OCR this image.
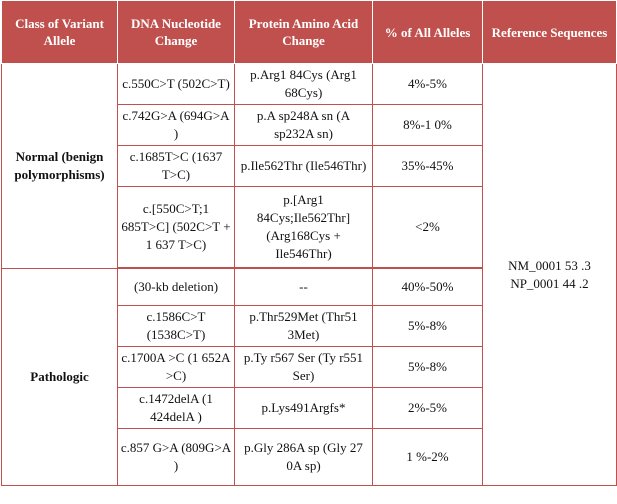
Class of Variant Allele	DNA Nucleotide Change	Protein Amino Acid Change	% of All Alleles	Reference Sequences
Normal (benign polymorphisms)	c.550C>T (502C>T)	p.Arg1 84Cys (Arg1 68Cys)	4%-5%	NM_0001 53 .3 NP_0001 44 .2
	c.742G>A (694G>A )	p.A sp248A sn (A sp232A sn)	8%-1 0%	
	c.1685T>C (1637 T>C)	p.Ile562Thr (Ile546Thr)	35%-45%	
	c.[550C>T;1 685T>C] (502C>T + 1 637 T>C)	p.[Arg1 84Cys;Ile562Thr] (Arg168Cys + Ile546Thr)	<2%	
Pathologic	(30-kb deletion)	--	40%-50%	
	c.1586C>T (1538C>T)	p.Thr529Met (Thr51 3Met)	5%-8%	
	c.1700A >C (1 652A >C)	p.Ty r567 Ser (Ty r551 Ser)	5%-8%	
	c.1472delA (1 424delA )	p.Lys491Argfs*	2%-5%	
	c.857 G>A (809G>A )	p.Gly 286A sp (Gly 27 0A sp)	1 %-2%	
